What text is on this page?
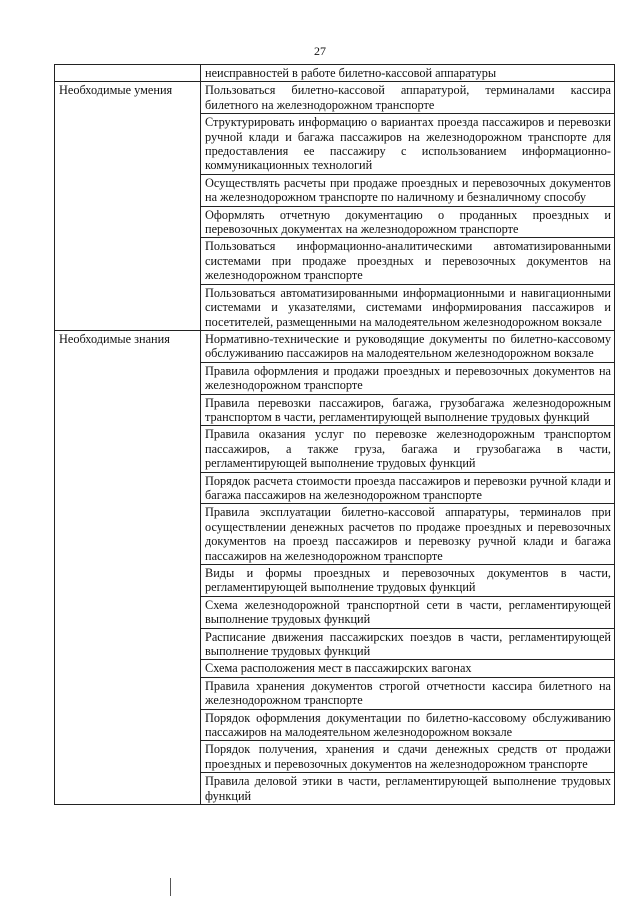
27
	неисправностей в работе билетно-кассовой аппаратуры
Необходимые умения	Пользоваться билетно-кассовой аппаратурой, терминалами кассира билетного на железнодорожном транспорте
	Структурировать информацию о вариантах проезда пассажиров и перевозки ручной клади и багажа пассажиров на железнодорожном транспорте для предоставления ее пассажиру с использованием информационно-коммуникационных технологий
	Осуществлять расчеты при продаже проездных и перевозочных документов на железнодорожном транспорте по наличному и безналичному способу
	Оформлять отчетную документацию о проданных проездных и перевозочных документах на железнодорожном транспорте
	Пользоваться информационно-аналитическими автоматизированными системами при продаже проездных и перевозочных документов на железнодорожном транспорте
	Пользоваться автоматизированными информационными и навигационными системами и указателями, системами информирования пассажиров и посетителей, размещенными на малодеятельном железнодорожном вокзале
Необходимые знания	Нормативно-технические и руководящие документы по билетно-кассовому обслуживанию пассажиров на малодеятельном железнодорожном вокзале
	Правила оформления и продажи проездных и перевозочных документов на железнодорожном транспорте
	Правила перевозки пассажиров, багажа, грузобагажа железнодорожным транспортом в части, регламентирующей выполнение трудовых функций
	Правила оказания услуг по перевозке железнодорожным транспортом пассажиров, а также груза, багажа и грузобагажа в части, регламентирующей выполнение трудовых функций
	Порядок расчета стоимости проезда пассажиров и перевозки ручной клади и багажа пассажиров на железнодорожном транспорте
	Правила эксплуатации билетно-кассовой аппаратуры, терминалов при осуществлении денежных расчетов по продаже проездных и перевозочных документов на проезд пассажиров и перевозку ручной клади и багажа пассажиров на железнодорожном транспорте
	Виды и формы проездных и перевозочных документов в части, регламентирующей выполнение трудовых функций
	Схема железнодорожной транспортной сети в части, регламентирующей выполнение трудовых функций
	Расписание движения пассажирских поездов в части, регламентирующей выполнение трудовых функций
	Схема расположения мест в пассажирских вагонах
	Правила хранения документов строгой отчетности кассира билетного на железнодорожном транспорте
	Порядок оформления документации по билетно-кассовому обслуживанию пассажиров на малодеятельном железнодорожном вокзале
	Порядок получения, хранения и сдачи денежных средств от продажи проездных и перевозочных документов на железнодорожном транспорте
	Правила деловой этики в части, регламентирующей выполнение трудовых функций
